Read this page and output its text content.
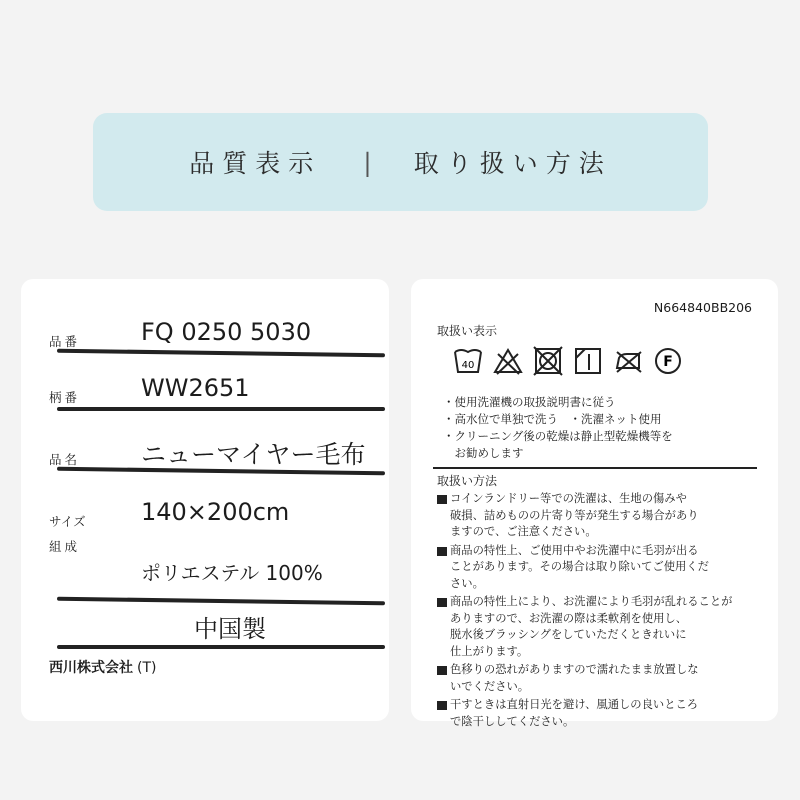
品質表示 | 取り扱い方法
品番	FQ 0250 5030
柄番	WW2651
品名 ニューマイヤー毛布
サイズ 140×200cm
組成
ポリエステル 100%
中国製
西川株式会社 (T)
N664840BB206
取扱い表示
40	F
・使用洗濯機の取扱説明書に従う
・高水位で単独で洗う　・洗濯ネット使用
・クリーニング後の乾燥は静止型乾燥機等を
　お勧めします
取扱い方法
コインランドリー等での洗濯は、生地の傷みや
破損、詰めものの片寄り等が発生する場合があり
ますので、ご注意ください。
商品の特性上、ご使用中やお洗濯中に毛羽が出る
ことがあります。その場合は取り除いてご使用くだ
さい。
商品の特性上により、お洗濯により毛羽が乱れることが
ありますので、お洗濯の際は柔軟剤を使用し、
脱水後ブラッシングをしていただくときれいに
仕上がります。
色移りの恐れがありますので濡れたまま放置しな
いでください。
干すときは直射日光を避け、風通しの良いところ
で陰干ししてください。
